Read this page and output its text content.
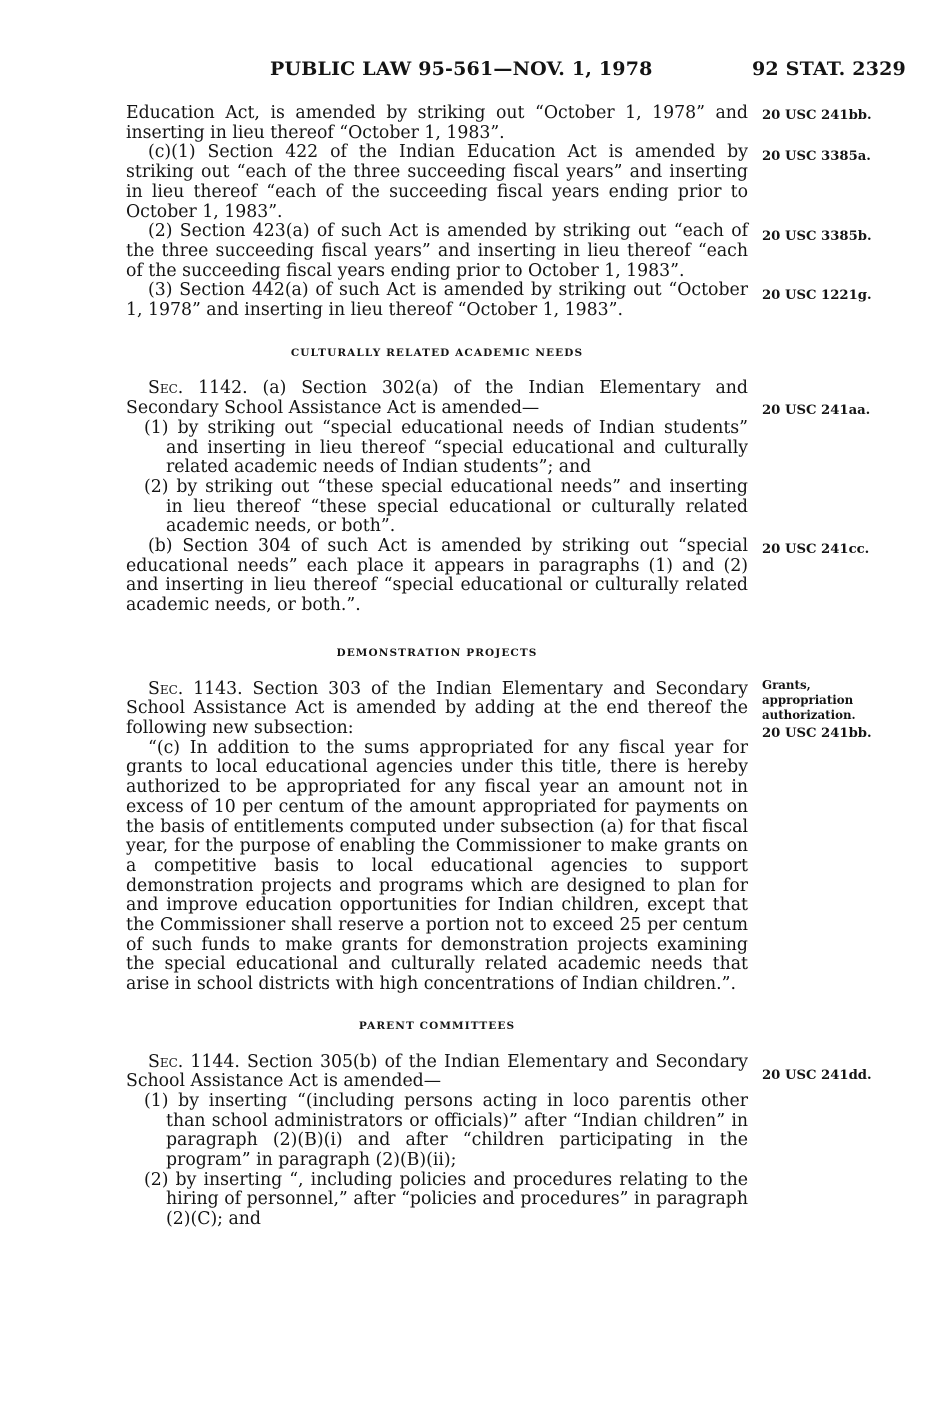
PUBLIC LAW 95-561—NOV. 1, 1978	92 STAT. 2329

Education Act, is amended by striking out “October 1, 1978” and inserting in lieu thereof “October 1, 1983”.

(c)(1) Section 422 of the Indian Education Act is amended by striking out “each of the three succeeding fiscal years” and inserting in lieu thereof “each of the succeeding fiscal years ending prior to October 1, 1983”.

(2) Section 423(a) of such Act is amended by striking out “each of the three succeeding fiscal years” and inserting in lieu thereof “each of the succeeding fiscal years ending prior to October 1, 1983”.

(3) Section 442(a) of such Act is amended by striking out “October 1, 1978” and inserting in lieu thereof “October 1, 1983”.

CULTURALLY RELATED ACADEMIC NEEDS

Sec. 1142. (a) Section 302(a) of the Indian Elementary and Secondary School Assistance Act is amended—

(1) by striking out “special educational needs of Indian students” and inserting in lieu thereof “special educational and culturally related academic needs of Indian students”; and

(2) by striking out “these special educational needs” and inserting in lieu thereof “these special educational or culturally related academic needs, or both”.

(b) Section 304 of such Act is amended by striking out “special educational needs” each place it appears in paragraphs (1) and (2) and inserting in lieu thereof “special educational or culturally related academic needs, or both.”.

DEMONSTRATION PROJECTS

Sec. 1143. Section 303 of the Indian Elementary and Secondary School Assistance Act is amended by adding at the end thereof the following new subsection:

“(c) In addition to the sums appropriated for any fiscal year for grants to local educational agencies under this title, there is hereby authorized to be appropriated for any fiscal year an amount not in excess of 10 per centum of the amount appropriated for payments on the basis of entitlements computed under subsection (a) for that fiscal year, for the purpose of enabling the Commissioner to make grants on a competitive basis to local educational agencies to support demonstration projects and programs which are designed to plan for and improve education opportunities for Indian children, except that the Commissioner shall reserve a portion not to exceed 25 per centum of such funds to make grants for demonstration projects examining the special educational and culturally related academic needs that arise in school districts with high concentrations of Indian children.”.

PARENT COMMITTEES

Sec. 1144. Section 305(b) of the Indian Elementary and Secondary School Assistance Act is amended—

(1) by inserting “(including persons acting in loco parentis other than school administrators or officials)” after “Indian children” in paragraph (2)(B)(i) and after “children participating in the program” in paragraph (2)(B)(ii);

(2) by inserting “, including policies and procedures relating to the hiring of personnel,” after “policies and procedures” in paragraph (2)(C); and

20 USC 241bb.
20 USC 3385a.
20 USC 3385b.
20 USC 1221g.
20 USC 241aa.
20 USC 241cc.
Grants,
appropriation
authorization.
20 USC 241bb.
20 USC 241dd.
